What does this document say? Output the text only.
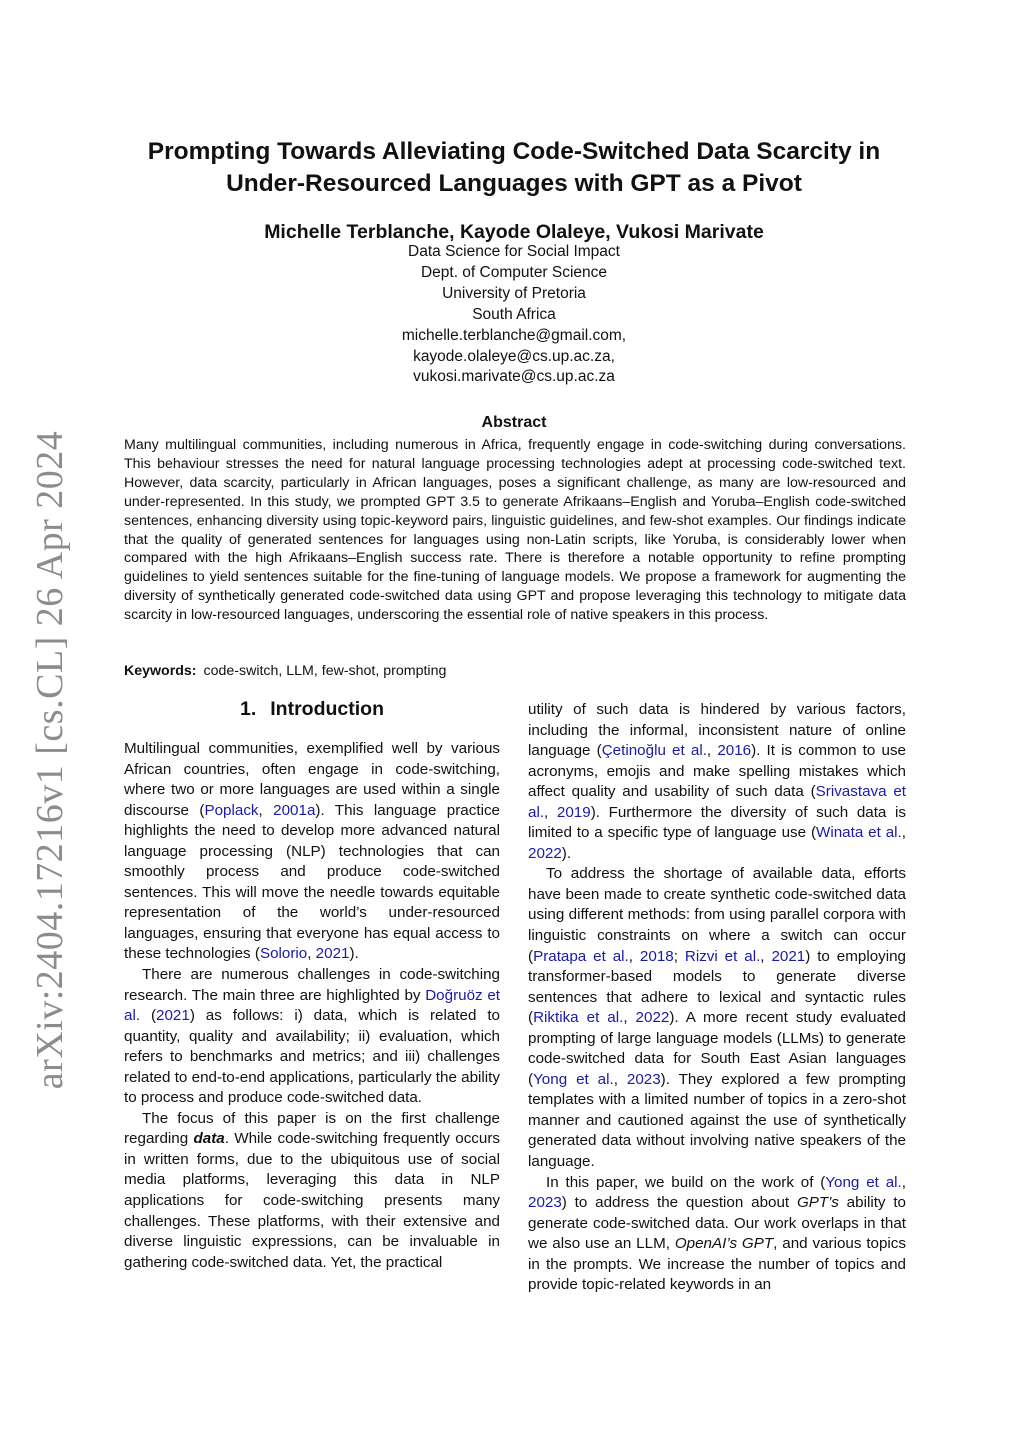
arXiv:2404.17216v1 [cs.CL] 26 Apr 2024
Prompting Towards Alleviating Code-Switched Data Scarcity in
Under-Resourced Languages with GPT as a Pivot
Michelle Terblanche, Kayode Olaleye, Vukosi Marivate
Data Science for Social Impact
Dept. of Computer Science
University of Pretoria
South Africa
michelle.terblanche@gmail.com,
kayode.olaleye@cs.up.ac.za,
vukosi.marivate@cs.up.ac.za
Abstract
Many multilingual communities, including numerous in Africa, frequently engage in code-switching during conversations. This behaviour stresses the need for natural language processing technologies adept at processing code-switched text. However, data scarcity, particularly in African languages, poses a significant challenge, as many are low-resourced and under-represented. In this study, we prompted GPT 3.5 to generate Afrikaans–English and Yoruba–English code-switched sentences, enhancing diversity using topic-keyword pairs, linguistic guidelines, and few-shot examples. Our findings indicate that the quality of generated sentences for languages using non-Latin scripts, like Yoruba, is considerably lower when compared with the high Afrikaans–English success rate. There is therefore a notable opportunity to refine prompting guidelines to yield sentences suitable for the fine-tuning of language models. We propose a framework for augmenting the diversity of synthetically generated code-switched data using GPT and propose leveraging this technology to mitigate data scarcity in low-resourced languages, underscoring the essential role of native speakers in this process.
Keywords: code-switch, LLM, few-shot, prompting
1. Introduction

Multilingual communities, exemplified well by various African countries, often engage in code-switching, where two or more languages are used within a single discourse (Poplack, 2001a). This language practice highlights the need to develop more advanced natural language processing (NLP) technologies that can smoothly process and produce code-switched sentences. This will move the needle towards equitable representation of the world’s under-resourced languages, ensuring that everyone has equal access to these technologies (Solorio, 2021).

There are numerous challenges in code-switching research. The main three are highlighted by Doğruöz et al. (2021) as follows: i) data, which is related to quantity, quality and availability; ii) evaluation, which refers to benchmarks and metrics; and iii) challenges related to end-to-end applications, particularly the ability to process and produce code-switched data.

The focus of this paper is on the first challenge regarding data. While code-switching frequently occurs in written forms, due to the ubiquitous use of social media platforms, leveraging this data in NLP applications for code-switching presents many challenges. These platforms, with their extensive and diverse linguistic expressions, can be invaluable in gathering code-switched data. Yet, the practical

utility of such data is hindered by various factors, including the informal, inconsistent nature of online language (Çetinoğlu et al., 2016). It is common to use acronyms, emojis and make spelling mistakes which affect quality and usability of such data (Srivastava et al., 2019). Furthermore the diversity of such data is limited to a specific type of language use (Winata et al., 2022).

To address the shortage of available data, efforts have been made to create synthetic code-switched data using different methods: from using parallel corpora with linguistic constraints on where a switch can occur (Pratapa et al., 2018; Rizvi et al., 2021) to employing transformer-based models to generate diverse sentences that adhere to lexical and syntactic rules (Riktika et al., 2022). A more recent study evaluated prompting of large language models (LLMs) to generate code-switched data for South East Asian languages (Yong et al., 2023). They explored a few prompting templates with a limited number of topics in a zero-shot manner and cautioned against the use of synthetically generated data without involving native speakers of the language.

In this paper, we build on the work of (Yong et al., 2023) to address the question about GPT’s ability to generate code-switched data. Our work overlaps in that we also use an LLM, OpenAI’s GPT, and various topics in the prompts. We increase the number of topics and provide topic-related keywords in an
